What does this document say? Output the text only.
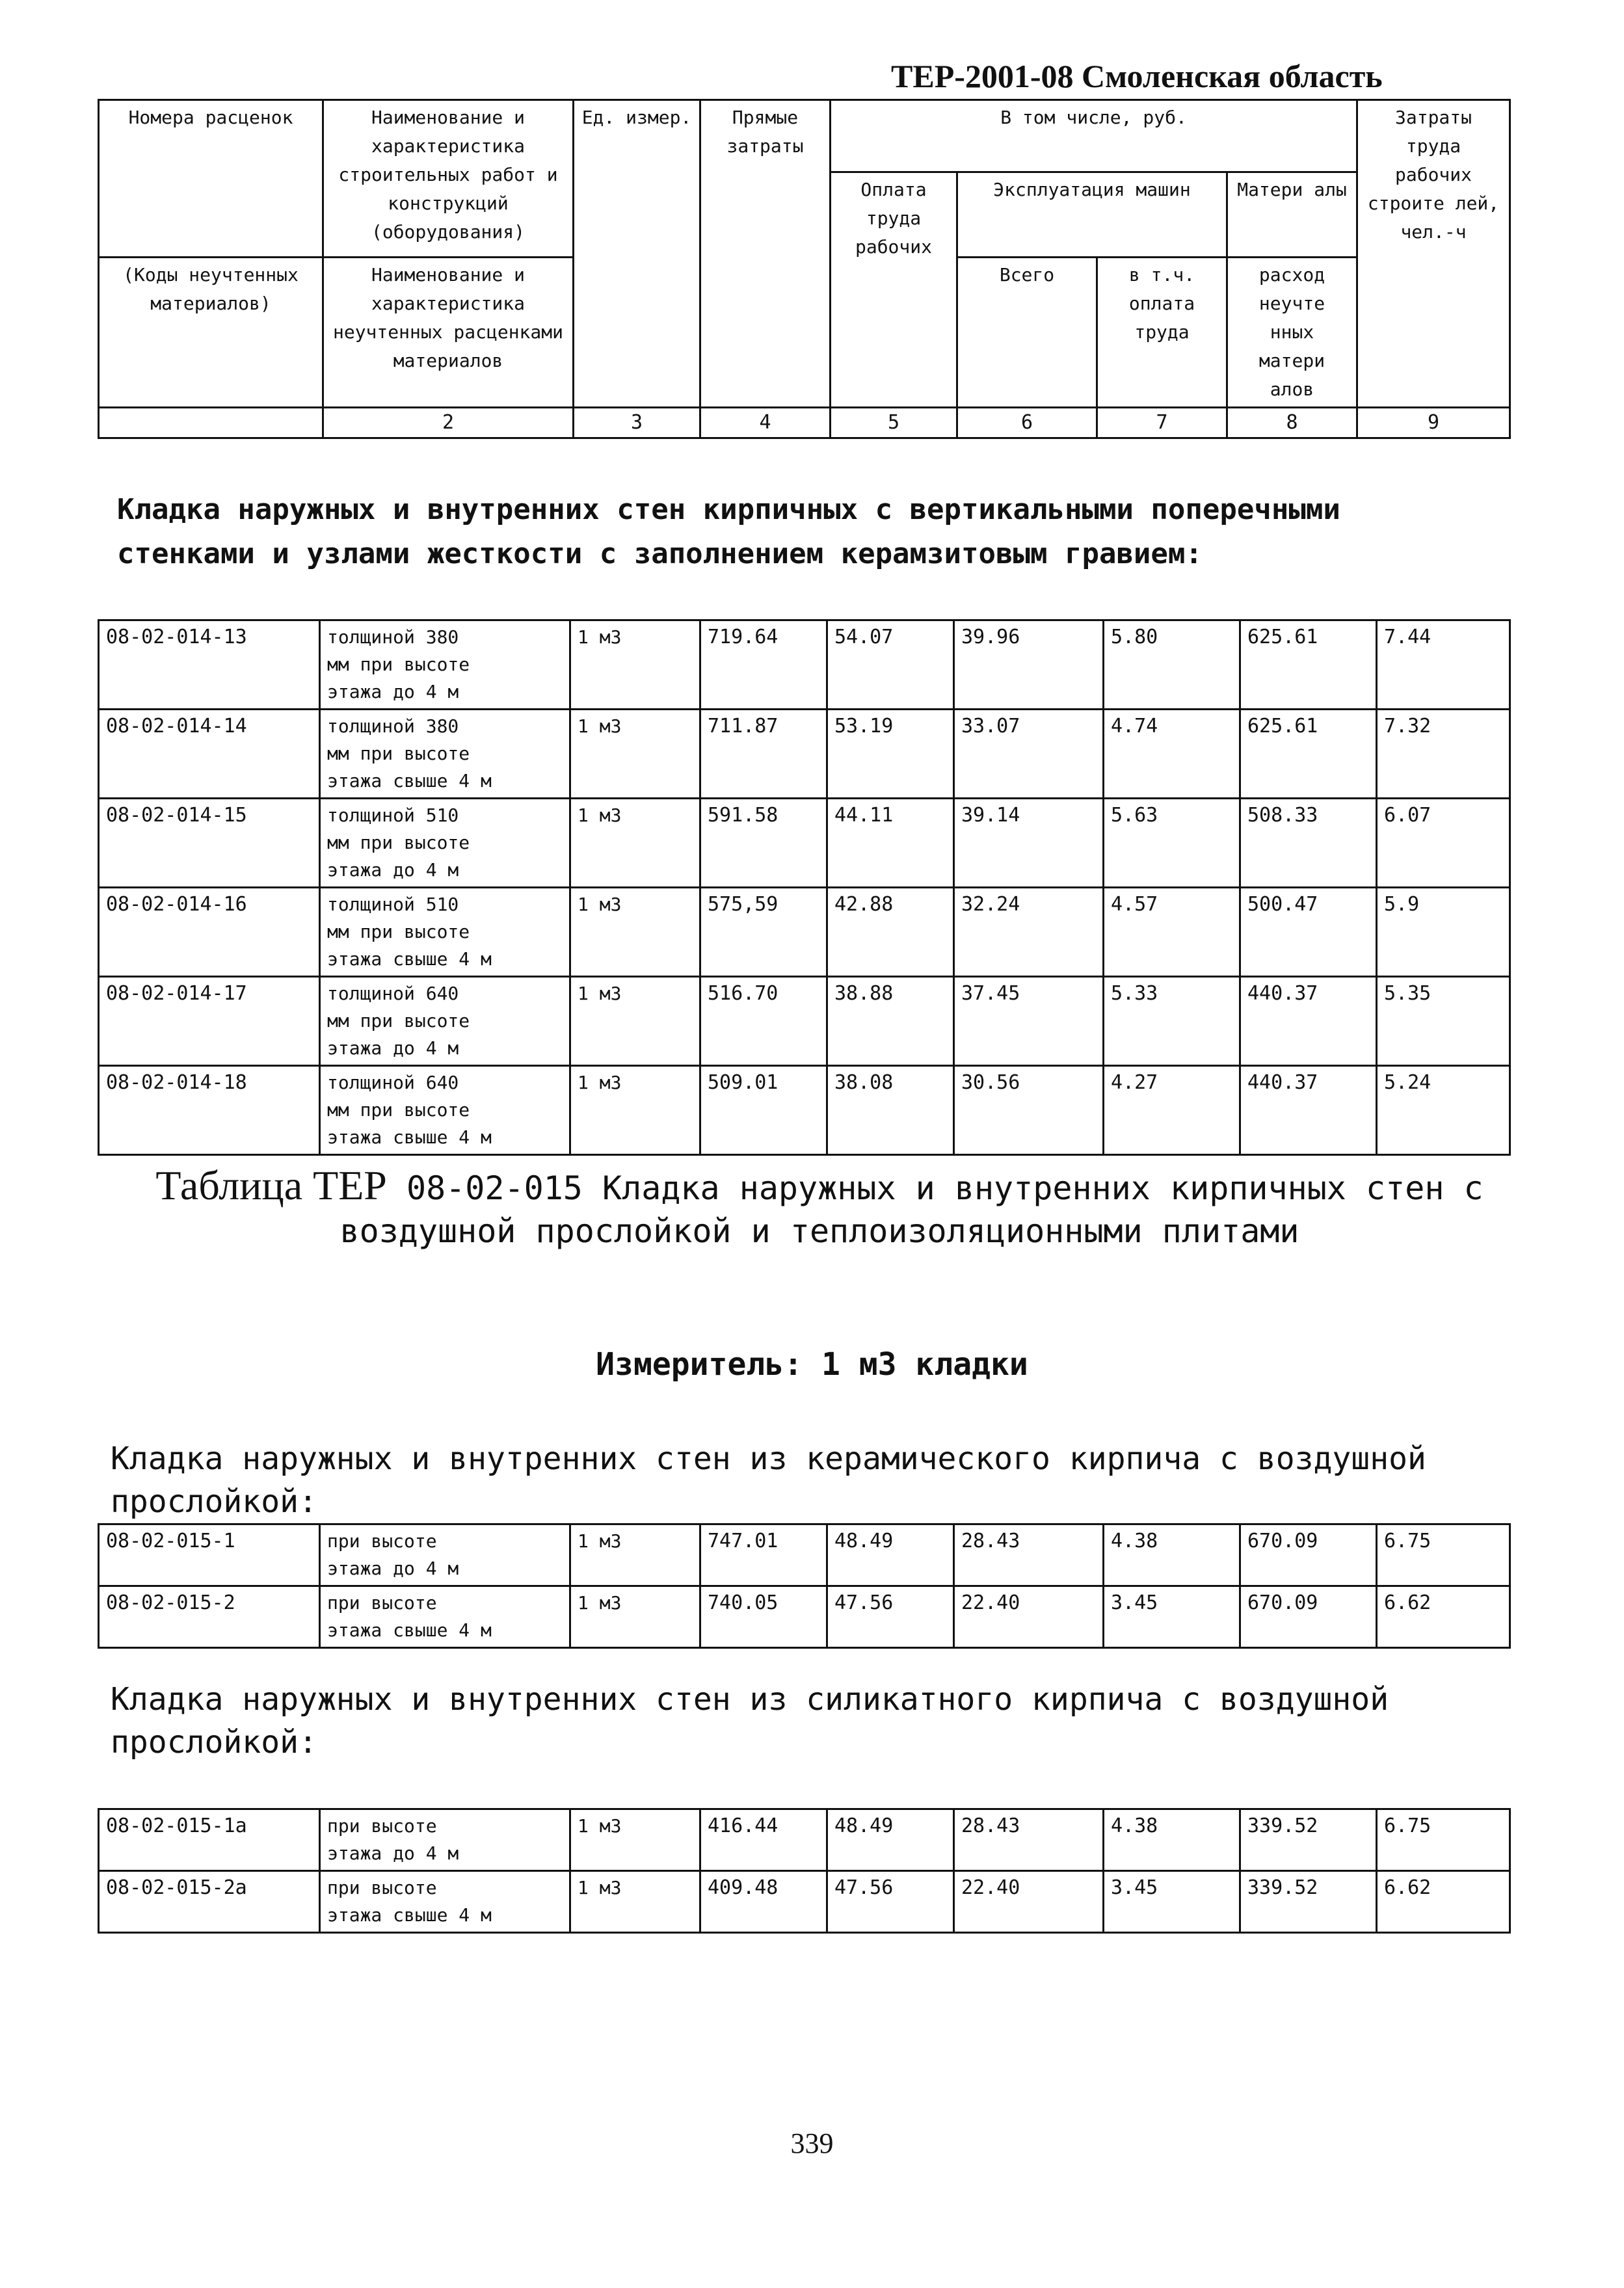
ТЕР-2001-08 Смоленская область
Номера расценок	Наименование и характеристика строительных работ и конструкций (оборудования)	Ед. измер.	Прямые затраты	В том числе, руб.				Затраты труда рабочих строите лей, чел.-ч
				Оплата труда рабочих	Эксплуатация машин		Матери алы	
(Коды неучтенных материалов)	Наименование и характеристика неучтенных расценками материалов				Всего	в т.ч. оплата труда	расход неучте нных матери алов	
	2	3	4	5	6	7	8	9
Кладка наружных и внутренних стен кирпичных с вертикальными поперечными стенками и узлами жесткости с заполнением керамзитовым гравием:
08-02-014-13	толщиной 380
мм при высоте
этажа до 4 м	1 м3	719.64	54.07	39.96	5.80	625.61	7.44
08-02-014-14	толщиной 380
мм при высоте
этажа свыше 4 м	1 м3	711.87	53.19	33.07	4.74	625.61	7.32
08-02-014-15	толщиной 510
мм при высоте
этажа до 4 м	1 м3	591.58	44.11	39.14	5.63	508.33	6.07
08-02-014-16	толщиной 510
мм при высоте
этажа свыше 4 м	1 м3	575,59	42.88	32.24	4.57	500.47	5.9
08-02-014-17	толщиной 640
мм при высоте
этажа до 4 м	1 м3	516.70	38.88	37.45	5.33	440.37	5.35
08-02-014-18	толщиной 640
мм при высоте
этажа свыше 4 м	1 м3	509.01	38.08	30.56	4.27	440.37	5.24
Таблица ТЕР 08-02-015 Кладка наружных и внутренних кирпичных стен с воздушной прослойкой и теплоизоляционными плитами
Измеритель: 1 м3 кладки
Кладка наружных и внутренних стен из керамического кирпича с воздушной прослойкой:
08-02-015-1	при высоте
этажа до 4 м	1 м3	747.01	48.49	28.43	4.38	670.09	6.75
08-02-015-2	при высоте
этажа свыше 4 м	1 м3	740.05	47.56	22.40	3.45	670.09	6.62
Кладка наружных и внутренних стен из силикатного кирпича с воздушной прослойкой:
08-02-015-1a	при высоте
этажа до 4 м	1 м3	416.44	48.49	28.43	4.38	339.52	6.75
08-02-015-2a	при высоте
этажа свыше 4 м	1 м3	409.48	47.56	22.40	3.45	339.52	6.62
339
